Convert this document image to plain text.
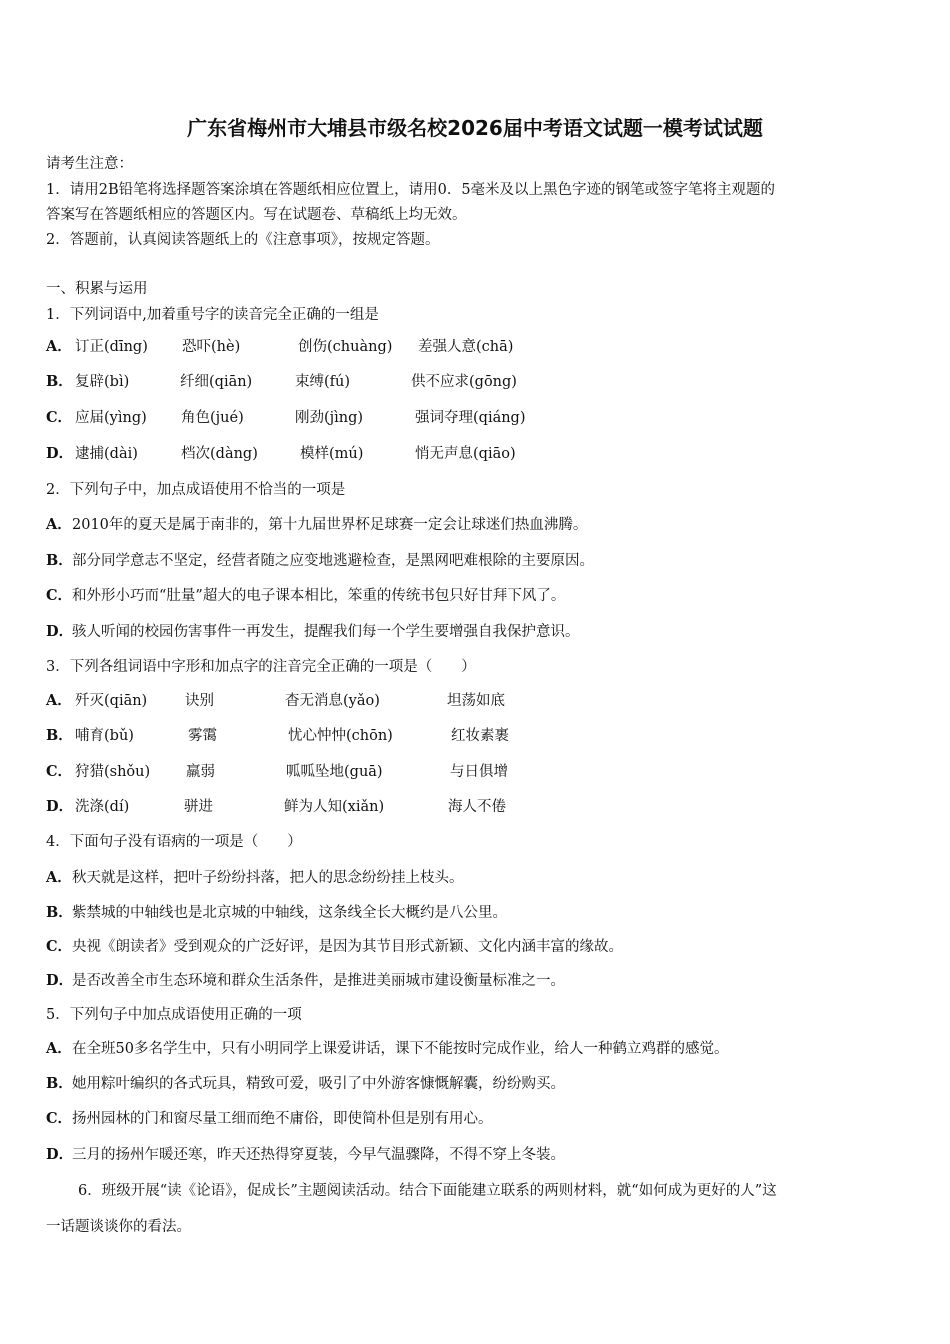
广东省梅州市大埔县市级名校2026届中考语文试题一模考试试题
请考生注意：
1．请用2B铅笔将选择题答案涂填在答题纸相应位置上，请用0．5毫米及以上黑色字迹的钢笔或签字笔将主观题的
答案写在答题纸相应的答题区内。写在试题卷、草稿纸上均无效。
2．答题前，认真阅读答题纸上的《注意事项》，按规定答题。
一、积累与运用
1．下列词语中,加着重号字的读音完全正确的一组是
A． 订正(dīng) 恐吓(hè)	创伤(chuàng) 差强人意(chā)
B． 复辟(bì)	纤细(qiān)	束缚(fú)	供不应求(gōng)
C． 应届(yìng) 角色(jué)	刚劲(jìng)	强词夺理(qiáng)
D． 逮捕(dài)	档次(dàng)	模样(mú)	悄无声息(qiāo)
2．下列句子中，加点成语使用不恰当的一项是
A．2010年的夏天是属于南非的，第十九届世界杯足球赛一定会让球迷们热血沸腾。
B．部分同学意志不坚定，经营者随之应变地逃避检查，是黑网吧难根除的主要原因。
C．和外形小巧而“肚量”超大的电子课本相比，笨重的传统书包只好甘拜下风了。
D．骇人听闻的校园伤害事件一再发生，提醒我们每一个学生要增强自我保护意识。
3．下列各组词语中字形和加点字的注音完全正确的一项是（　　）
A． 歼灭(qiān)	诀别	杳无消息(yǎo)	坦荡如底
B． 哺育(bǔ)	雾霭	忧心忡忡(chōn)	红妆素裹
C． 狩猎(shǒu) 羸弱	呱呱坠地(guā)	与日俱增
D． 洗涤(dí)	骈进	鲜为人知(xiǎn)	海人不倦
4．下面句子没有语病的一项是（　　）
A．秋天就是这样，把叶子纷纷抖落，把人的思念纷纷挂上枝头。
B．紫禁城的中轴线也是北京城的中轴线，这条线全长大概约是八公里。
C．央视《朗读者》受到观众的广泛好评，是因为其节目形式新颖、文化内涵丰富的缘故。
D．是否改善全市生态环境和群众生活条件，是推进美丽城市建设衡量标准之一。
5．下列句子中加点成语使用正确的一项
A．在全班50多名学生中，只有小明同学上课爱讲话，课下不能按时完成作业，给人一种鹤立鸡群的感觉。
B．她用粽叶编织的各式玩具，精致可爱，吸引了中外游客慷慨解囊，纷纷购买。
C．扬州园林的门和窗尽量工细而绝不庸俗，即使简朴但是别有用心。
D．三月的扬州乍暖还寒，昨天还热得穿夏装，今早气温骤降，不得不穿上冬装。
6．班级开展“读《论语》，促成长”主题阅读活动。结合下面能建立联系的两则材料，就“如何成为更好的人”这
一话题谈谈你的看法。
